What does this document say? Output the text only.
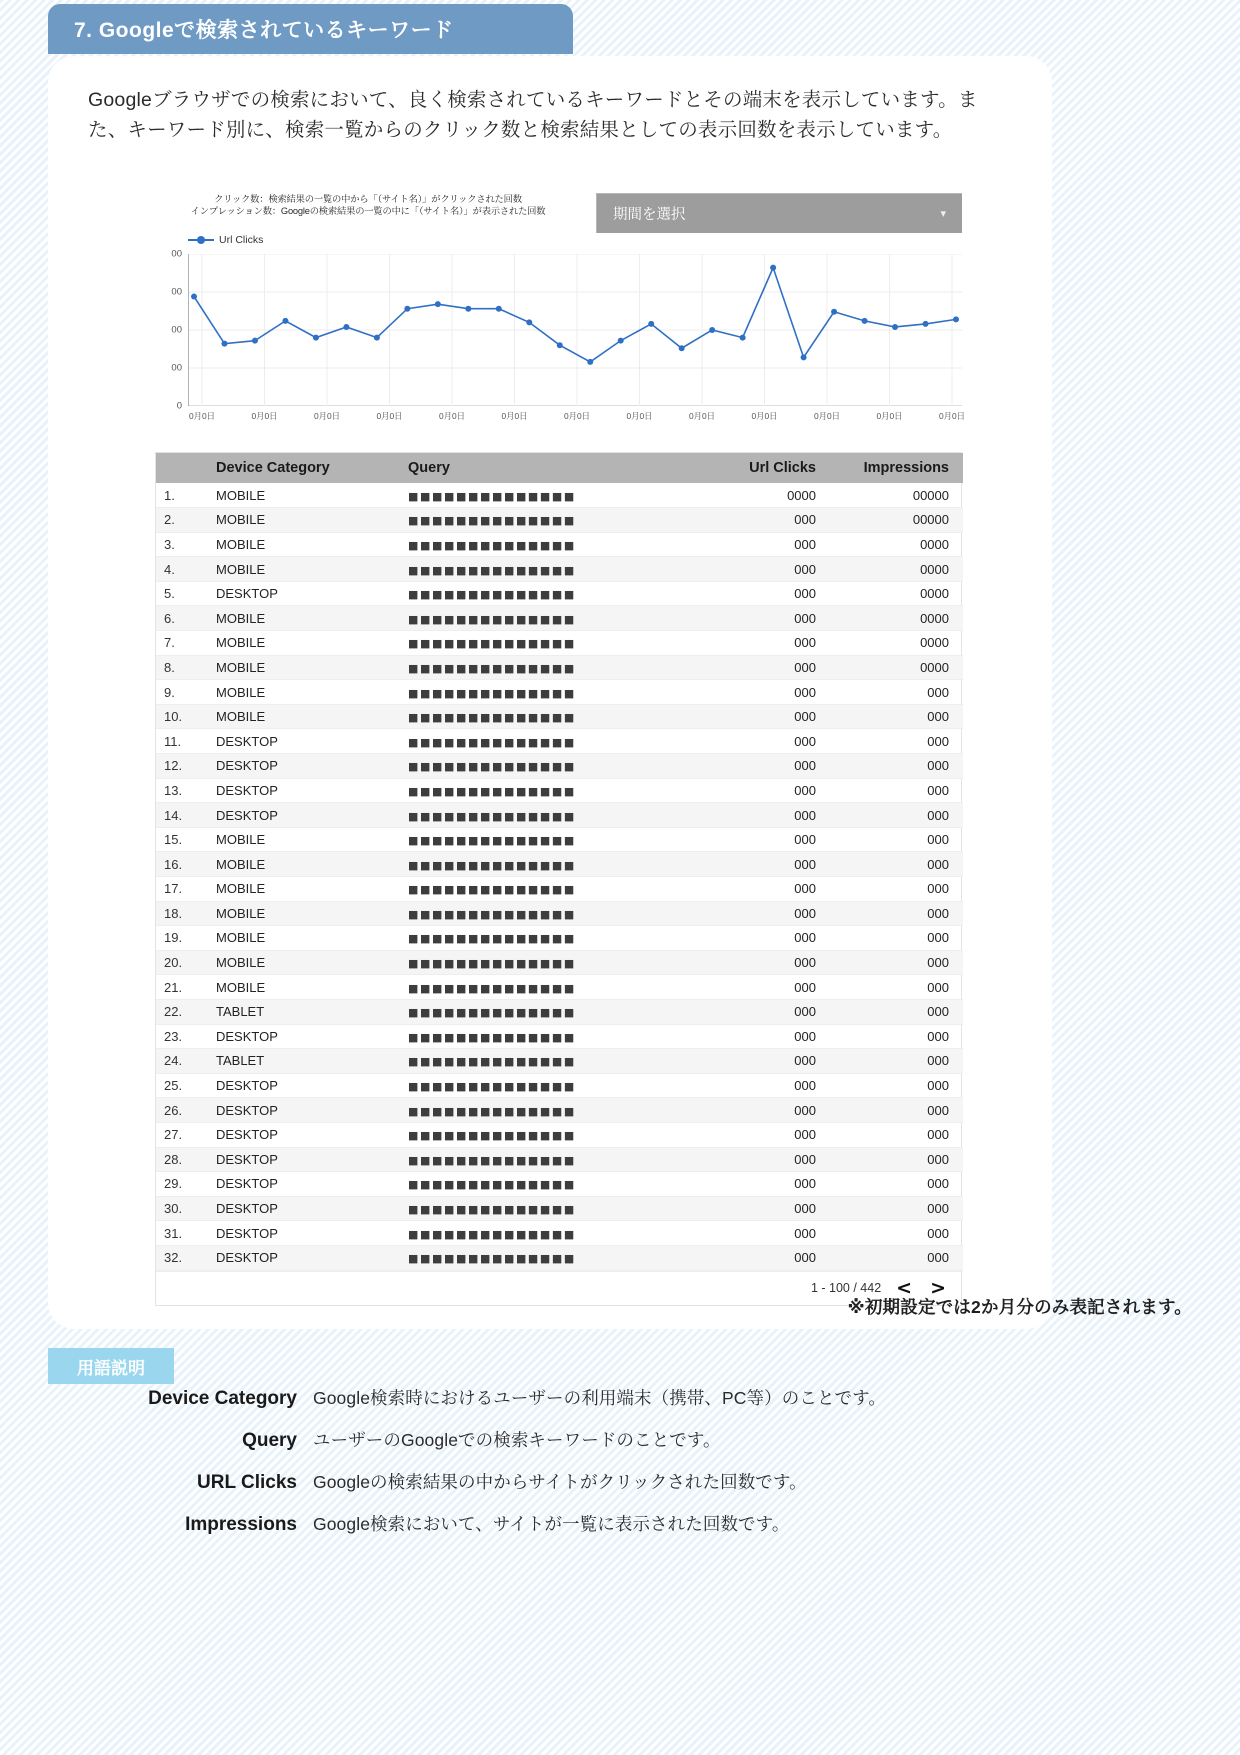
7. Googleで検索されているキーワード
Googleブラウザでの検索において、良く検索されているキーワードとその端末を表示しています。また、キーワード別に、検索一覧からのクリック数と検索結果としての表示回数を表示しています。
クリック数：検索結果の一覧の中から「（サイト名）」がクリックされた回数
インプレッション数：Googleの検索結果の一覧の中に「（サイト名）」が表示された回数	期間を選択	▾
Url Clicks
00
00
00
00
0
0月0日	0月0日	0月0日	0月0日	0月0日	0月0日	0月0日	0月0日	0月0日	0月0日	0月0日	0月0日	0月0日
	Device Category	Query	Url Clicks	Impressions
1.	MOBILE	■■■■■■■■■■■■■■	0000	00000
2.	MOBILE	■■■■■■■■■■■■■■	000	00000
3.	MOBILE	■■■■■■■■■■■■■■	000	0000
4.	MOBILE	■■■■■■■■■■■■■■	000	0000
5.	DESKTOP	■■■■■■■■■■■■■■	000	0000
6.	MOBILE	■■■■■■■■■■■■■■	000	0000
7.	MOBILE	■■■■■■■■■■■■■■	000	0000
8.	MOBILE	■■■■■■■■■■■■■■	000	0000
9.	MOBILE	■■■■■■■■■■■■■■	000	000
10.	MOBILE	■■■■■■■■■■■■■■	000	000
11.	DESKTOP	■■■■■■■■■■■■■■	000	000
12.	DESKTOP	■■■■■■■■■■■■■■	000	000
13.	DESKTOP	■■■■■■■■■■■■■■	000	000
14.	DESKTOP	■■■■■■■■■■■■■■	000	000
15.	MOBILE	■■■■■■■■■■■■■■	000	000
16.	MOBILE	■■■■■■■■■■■■■■	000	000
17.	MOBILE	■■■■■■■■■■■■■■	000	000
18.	MOBILE	■■■■■■■■■■■■■■	000	000
19.	MOBILE	■■■■■■■■■■■■■■	000	000
20.	MOBILE	■■■■■■■■■■■■■■	000	000
21.	MOBILE	■■■■■■■■■■■■■■	000	000
22.	TABLET	■■■■■■■■■■■■■■	000	000
23.	DESKTOP	■■■■■■■■■■■■■■	000	000
24.	TABLET	■■■■■■■■■■■■■■	000	000
25.	DESKTOP	■■■■■■■■■■■■■■	000	000
26.	DESKTOP	■■■■■■■■■■■■■■	000	000
27.	DESKTOP	■■■■■■■■■■■■■■	000	000
28.	DESKTOP	■■■■■■■■■■■■■■	000	000
29.	DESKTOP	■■■■■■■■■■■■■■	000	000
30.	DESKTOP	■■■■■■■■■■■■■■	000	000
31.	DESKTOP	■■■■■■■■■■■■■■	000	000
32.	DESKTOP	■■■■■■■■■■■■■■	000	000
1 - 100 / 442 < >
※初期設定では2か月分のみ表記されます。
用語説明
Device Category Google検索時におけるユーザーの利用端末（携帯、PC等）のことです。
Query ユーザーのGoogleでの検索キーワードのことです。
URL Clicks Googleの検索結果の中からサイトがクリックされた回数です。
Impressions Google検索において、サイトが一覧に表示された回数です。
